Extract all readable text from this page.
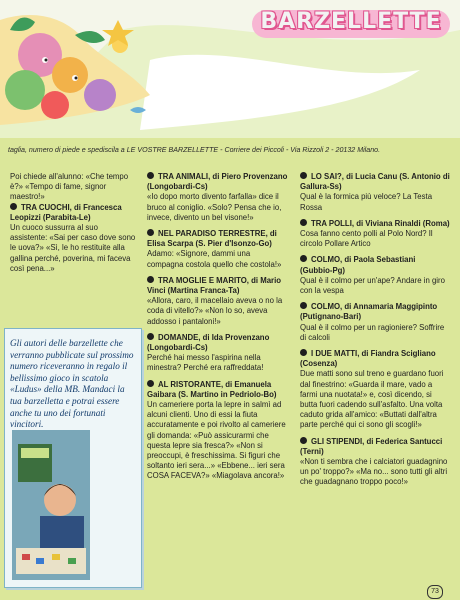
BARZELLETTE
taglia, numero di piede e spediscila a LE VOSTRE BARZELLETTE - Corriere dei Piccoli - Via Rizzoli 2 - 20132 Milano.

Poi chiede all'alunno: «Che tempo è?» «Tempo di fame, signor maestro!»

TRA CUOCHI, di Francesca Leopizzi (Parabita-Le)

Un cuoco sussurra al suo assistente: «Sai per caso dove sono le uova?» «Sì, le ho restituite alla gallina perché, poverina, mi faceva così pena...»

Gli autori delle barzellette che verranno pubblicate sul prossimo numero riceveranno in regalo il bellissimo gioco in scatola «Ludus» della MB. Mandaci la tua barzelletta e potrai essere anche tu uno dei fortunati vincitori.

TRA ANIMALI, di Piero Provenzano (Longobardi-Cs)

«Io dopo morto divento farfalla» dice il bruco al coniglio. «Solo? Pensa che io, invece, divento un bel visone!»

NEL PARADISO TERRESTRE, di Elisa Scarpa (S. Pier d'Isonzo-Go)

Adamo: «Signore, dammi una compagna costola quello che costola!»

TRA MOGLIE E MARITO, di Mario Vinci (Martina Franca-Ta)

«Allora, caro, il macellaio aveva o no la coda di vitello?» «Non lo so, aveva addosso i pantaloni!»

DOMANDE, di Ida Provenzano (Longobardi-Cs)

Perché hai messo l'aspirina nella minestra? Perché era raffreddata!

AL RISTORANTE, di Emanuela Gaibara (S. Martino in Pedriolo-Bo)

Un cameriere porta la lepre in salmì ad alcuni clienti. Uno di essi la fiuta accuratamente e poi rivolto al cameriere gli domanda: «Può assicurarmi che questa lepre sia fresca?» «Non si preoccupi, è freschissima. Si figuri che soltanto ieri sera...» «Ebbene... ieri sera COSA FACEVA?» «Miagolava ancora!»

LO SAI?, di Lucia Canu (S. Antonio di Gallura-Ss)

Qual è la formica più veloce? La Testa Rossa

TRA POLLI, di Viviana Rinaldi (Roma)

Cosa fanno cento polli al Polo Nord? Il circolo Pollare Artico

COLMO, di Paola Sebastiani (Gubbio-Pg)

Qual è il colmo per un'ape? Andare in giro con la vespa

COLMO, di Annamaria Maggipinto (Putignano-Bari)

Qual è il colmo per un ragioniere? Soffrire di calcoli

I DUE MATTI, di Fiandra Scigliano (Cosenza)

Due matti sono sul treno e guardano fuori dal finestrino: «Guarda il mare, vado a farmi una nuotata!» e, così dicendo, si butta fuori cadendo sull'asfalto. Una volta caduto grida all'amico: «Buttati dall'altra parte perché qui ci sono gli scogli!»

GLI STIPENDI, di Federica Santucci (Terni)

«Non ti sembra che i calciatori guadagnino un po' troppo?» «Ma no... sono tutti gli altri che guadagnano troppo poco!»

73
